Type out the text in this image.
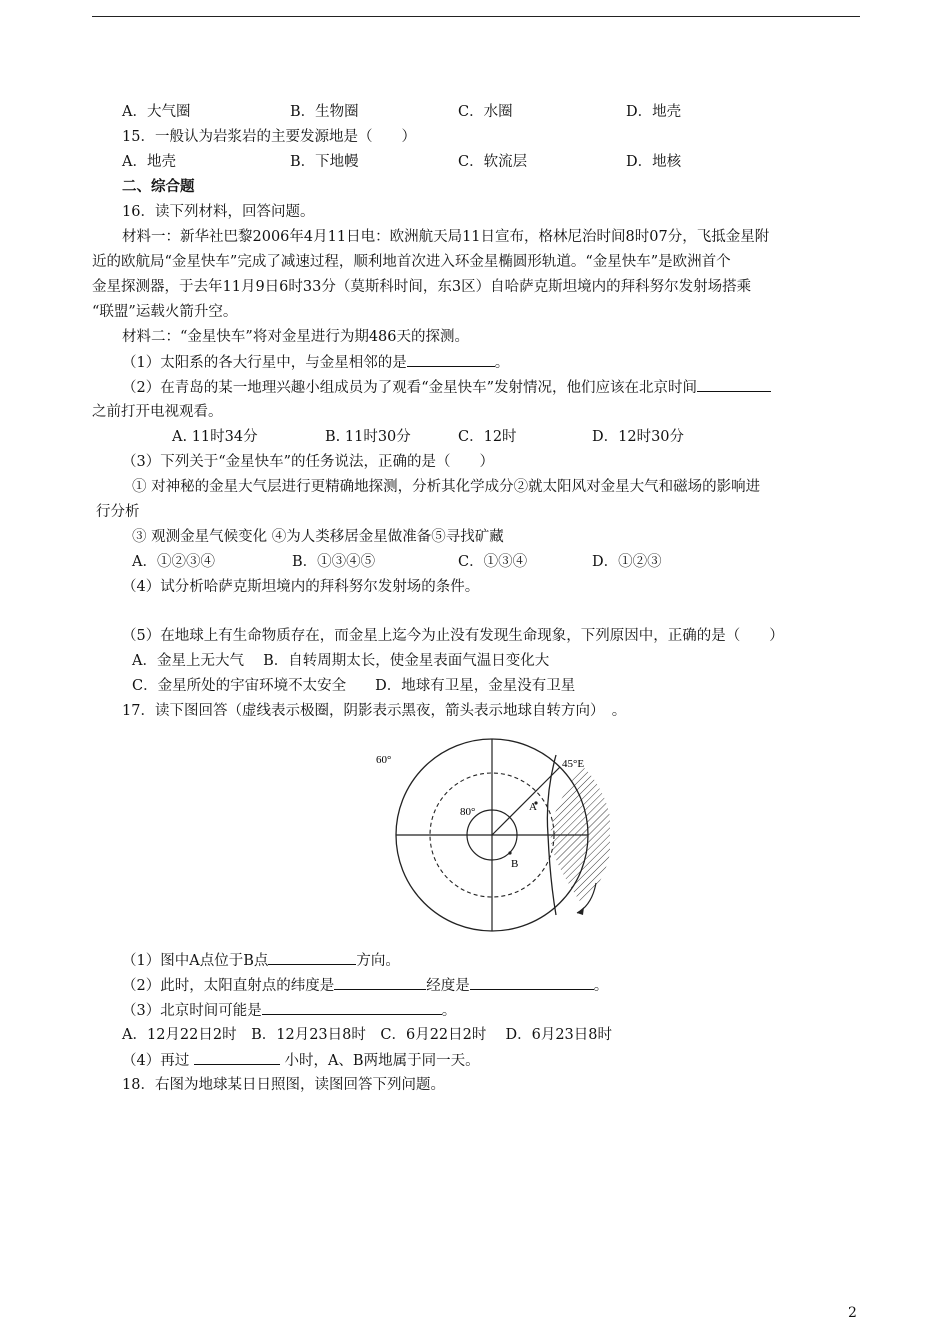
A．大气圈	B．生物圈	C．水圈	D．地壳
15．一般认为岩浆岩的主要发源地是（　　）
A．地壳	B．下地幔	C．软流层	D．地核
二、综合题
16．读下列材料，回答问题。
材料一：新华社巴黎2006年4月11日电：欧洲航天局11日宣布，格林尼治时间8时07分，飞抵金星附
近的欧航局“金星快车”完成了减速过程，顺利地首次进入环金星椭圆形轨道。“金星快车”是欧洲首个
金星探测器，于去年11月9日6时33分（莫斯科时间，东3区）自哈萨克斯坦境内的拜科努尔发射场搭乘
“联盟”运载火箭升空。
材料二：“金星快车”将对金星进行为期486天的探测。
（1）太阳系的各大行星中，与金星相邻的是	。
（2）在青岛的某一地理兴趣小组成员为了观看“金星快车”发射情况，他们应该在北京时间
之前打开电视观看。
A. 11时34分	B. 11时30分	C．12时	D．12时30分
（3）下列关于“金星快车”的任务说法，正确的是（　　）
① 对神秘的金星大气层进行更精确地探测，分析其化学成分②就太阳风对金星大气和磁场的影响进
行分析
③ 观测金星气候变化 ④为人类移居金星做准备⑤寻找矿藏
A．①②③④	B．①③④⑤	C．①③④	D．①②③
（4）试分析哈萨克斯坦境内的拜科努尔发射场的条件。
（5）在地球上有生命物质存在，而金星上迄今为止没有发现生命现象，下列原因中，正确的是（　　）
A．金星上无大气　 B．自转周期太长，使金星表面气温日变化大
C．金星所处的宇宙环境不太安全　　D．地球有卫星，金星没有卫星
17．读下图回答（虚线表示极圈，阴影表示黑夜，箭头表示地球自转方向）　。
60°
80°
45°E
A
B
（1）图中A点位于B点	方向。
（2）此时，太阳直射点的纬度是	经度是	。
（3）北京时间可能是	。
A．12月22日2时　B．12月23日8时　C．6月22日2时　 D．6月23日8时
（4）再过	小时，A、B两地属于同一天。
18．右图为地球某日日照图，读图回答下列问题。
2
